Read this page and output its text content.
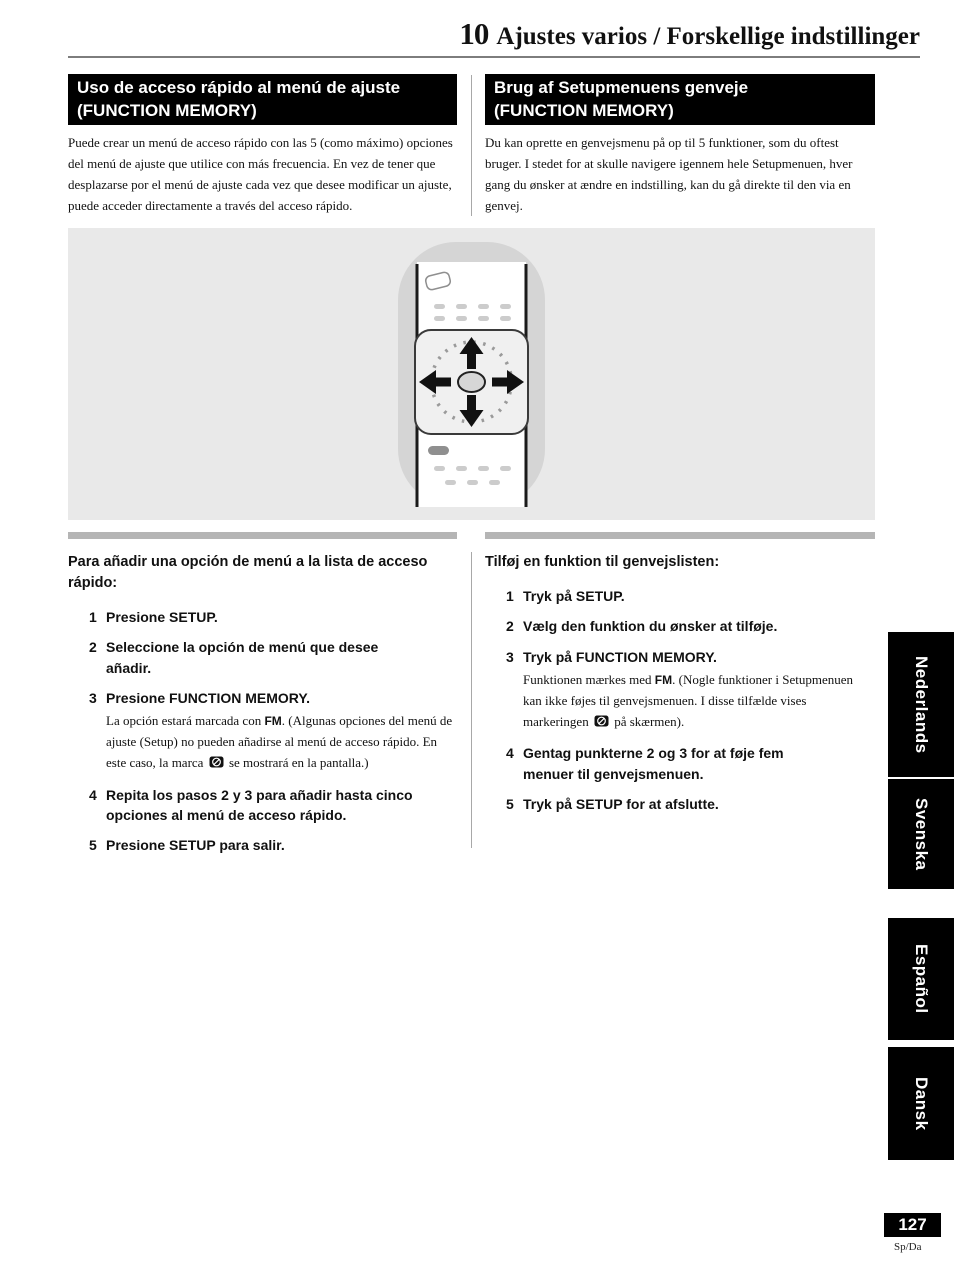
10 Ajustes varios / Forskellige indstillinger
Uso de acceso rápido al menú de ajuste
(FUNCTION MEMORY)
Puede crear un menú de acceso rápido con las 5 (como máximo) opciones del menú de ajuste que utilice con más frecuencia. En vez de tener que desplazarse por el menú de ajuste cada vez que desee modificar un ajuste, puede acceder directamente a través del acceso rápido.
Brug af Setupmenuens genveje
(FUNCTION MEMORY)
Du kan oprette en genvejsmenu på op til 5 funktioner, som du oftest bruger. I stedet for at skulle navigere igennem hele Setupmenuen, hver gang du ønsker at ændre en indstilling, kan du gå direkte til den via en genvej.
Para añadir una opción de menú a la lista de acceso rápido:
1 Presione SETUP.
2 Seleccione la opción de menú que desee añadir.
3 Presione FUNCTION MEMORY.
La opción estará marcada con FM. (Algunas opciones del menú de ajuste (Setup) no pueden añadirse al menú de acceso rápido. En este caso, la marca  se mostrará en la pantalla.)
4 Repita los pasos 2 y 3 para añadir hasta cinco opciones al menú de acceso rápido.
5 Presione SETUP para salir.
Tilføj en funktion til genvejslisten:
1 Tryk på SETUP.
2 Vælg den funktion du ønsker at tilføje.
3 Tryk på FUNCTION MEMORY.
Funktionen mærkes med FM. (Nogle funktioner i Setupmenuen kan ikke føjes til genvejsmenuen. I disse tilfælde vises markeringen  på skærmen).
4 Gentag punkterne 2 og 3 for at føje fem menuer til genvejsmenuen.
5 Tryk på SETUP for at afslutte.
Nederlands
Svenska
Español
Dansk
127
Sp/Da
